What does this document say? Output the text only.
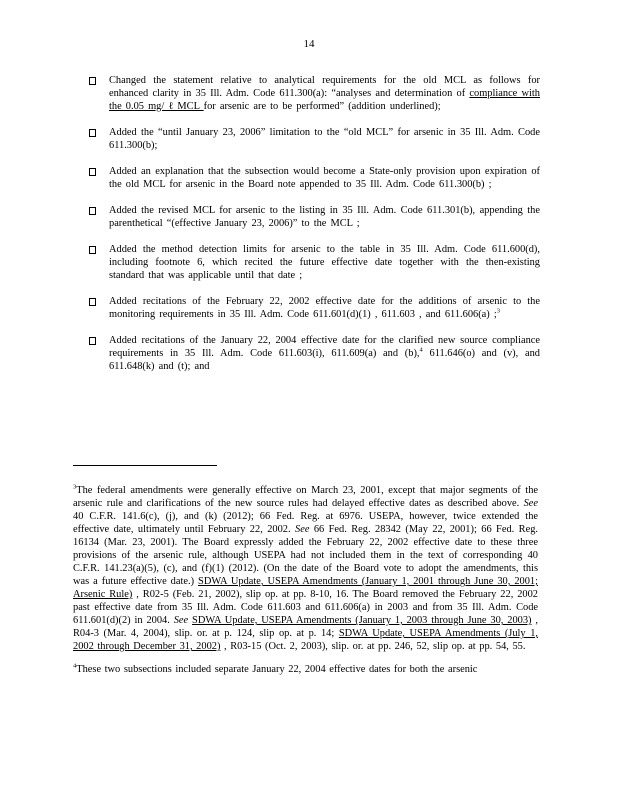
14
Changed the statement relative to analytical requirements for the old MCL as follows for enhanced clarity in 35 Ill. Adm. Code 611.300(a): “analyses and determination of compliance with the 0.05 mg/ ℓ MCL for arsenic are to be performed” (addition underlined);
Added the “until January 23, 2006” limitation to the “old MCL” for arsenic in 35 Ill. Adm. Code 611.300(b);
Added an explanation that the subsection would become a State-only provision upon expiration of the old MCL for arsenic in the Board note appended to 35 Ill. Adm. Code 611.300(b) ;
Added the revised MCL for arsenic to the listing in 35 Ill. Adm. Code 611.301(b), appending the parenthetical “(effective January 23, 2006)” to the MCL ;
Added the method detection limits for arsenic to the table in 35 Ill. Adm. Code 611.600(d), including footnote 6, which recited the future effective date together with the then-existing standard that was applicable until that date ;
Added recitations of the February 22, 2002 effective date for the additions of arsenic to the monitoring requirements in 35 Ill. Adm. Code 611.601(d)(1) , 611.603 , and 611.606(a) ;$^3$
Added recitations of the January 22, 2004 effective date for the clarified new source compliance requirements in 35 Ill. Adm. Code 611.603(i), 611.609(a) and (b),$^4$ 611.646(o) and (v), and 611.648(k) and (t); and

$^3$The federal amendments were generally effective on March 23, 2001, except that major segments of the arsenic rule and clarifications of the new source rules had delayed effective dates as described above. See 40 C.F.R. 141.6(c), (j), and (k) (2012); 66 Fed. Reg. at 6976. USEPA, however, twice extended the effective date, ultimately until February 22, 2002. See 66 Fed. Reg. 28342 (May 22, 2001); 66 Fed. Reg. 16134 (Mar. 23, 2001). The Board expressly added the February 22, 2002 effective date to these three provisions of the arsenic rule, although USEPA had not included them in the text of corresponding 40 C.F.R. 141.23(a)(5), (c), and (f)(1) (2012). (On the date of the Board vote to adopt the amendments, this was a future effective date.) SDWA Update, USEPA Amendments (January 1, 2001 through June 30, 2001; Arsenic Rule) , R02-5 (Feb. 21, 2002), slip op. at pp. 8-10, 16. The Board removed the February 22, 2002 past effective date from 35 Ill. Adm. Code 611.603 and 611.606(a) in 2003 and from 35 Ill. Adm. Code 611.601(d)(2) in 2004. See SDWA Update, USEPA Amendments (January 1, 2003 through June 30, 2003) , R04-3 (Mar. 4, 2004), slip. or. at p. 124, slip op. at p. 14; SDWA Update, USEPA Amendments (July 1, 2002 through December 31, 2002) , R03-15 (Oct. 2, 2003), slip. or. at pp. 246, 52, slip op. at pp. 54, 55.

$^4$These two subsections included separate January 22, 2004 effective dates for both the arsenic
